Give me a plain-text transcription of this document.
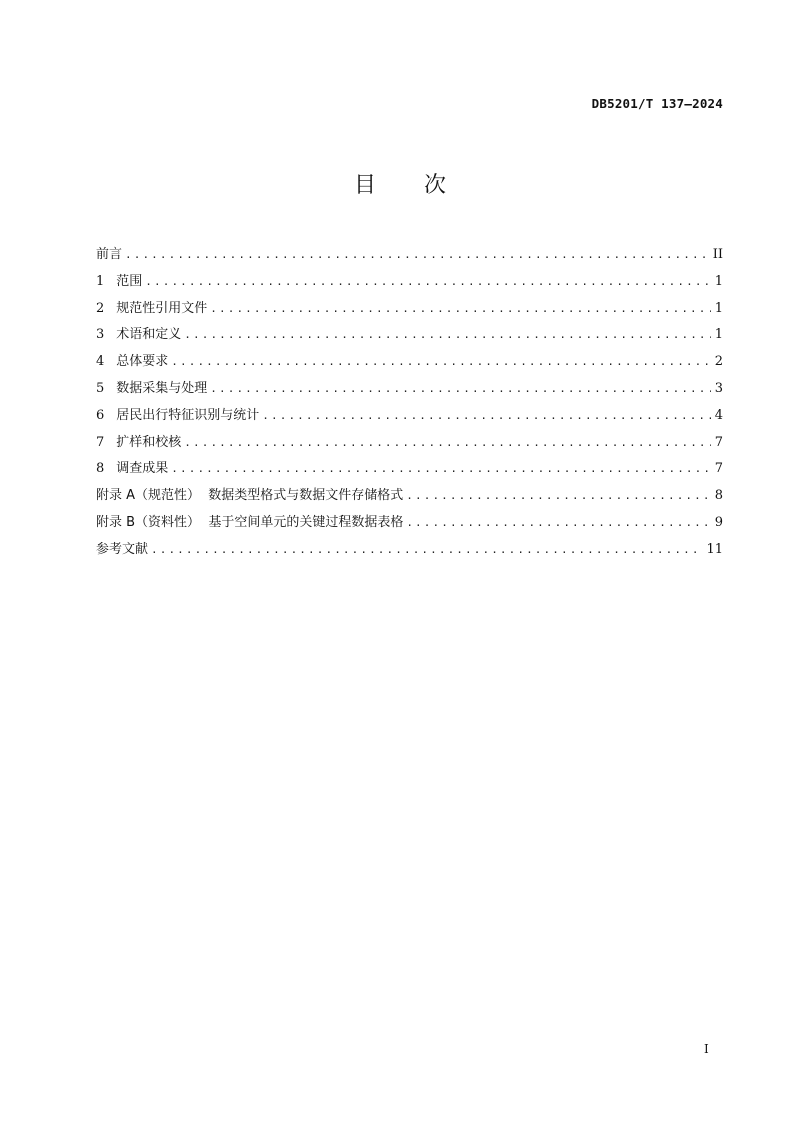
DB5201/T 137—2024
目 次
前言 .....	II
1 范围 .....	1
2 规范性引用文件 .....	1
3 术语和定义 .....	1
4 总体要求 .....	2
5 数据采集与处理 .....	3
6 居民出行特征识别与统计 .....	4
7 扩样和校核 .....	7
8 调查成果 .....	7
附录 A（规范性）  数据类型格式与数据文件存储格式 .....	8
附录 B（资料性）  基于空间单元的关键过程数据表格 .....	9
参考文献 .....	11
I
